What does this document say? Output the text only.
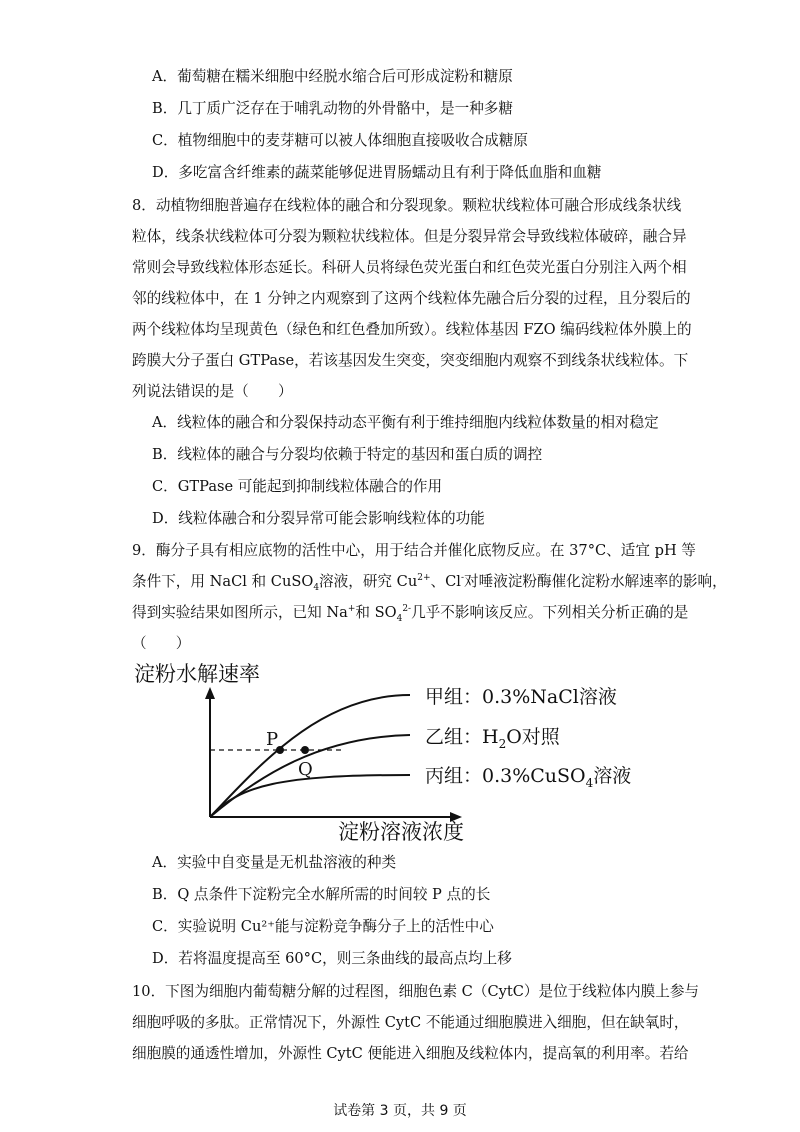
A．葡萄糖在糯米细胞中经脱水缩合后可形成淀粉和糖原
B．几丁质广泛存在于哺乳动物的外骨骼中，是一种多糖
C．植物细胞中的麦芽糖可以被人体细胞直接吸收合成糖原
D．多吃富含纤维素的蔬菜能够促进胃肠蠕动且有利于降低血脂和血糖
8．动植物细胞普遍存在线粒体的融合和分裂现象。颗粒状线粒体可融合形成线条状线
粒体，线条状线粒体可分裂为颗粒状线粒体。但是分裂异常会导致线粒体破碎，融合异
常则会导致线粒体形态延长。科研人员将绿色荧光蛋白和红色荧光蛋白分别注入两个相
邻的线粒体中，在 1 分钟之内观察到了这两个线粒体先融合后分裂的过程，且分裂后的
两个线粒体均呈现黄色（绿色和红色叠加所致）。线粒体基因 FZO 编码线粒体外膜上的
跨膜大分子蛋白 GTPase，若该基因发生突变，突变细胞内观察不到线条状线粒体。下
列说法错误的是（　　）
A．线粒体的融合和分裂保持动态平衡有利于维持细胞内线粒体数量的相对稳定
B．线粒体的融合与分裂均依赖于特定的基因和蛋白质的调控
C．GTPase 可能起到抑制线粒体融合的作用
D．线粒体融合和分裂异常可能会影响线粒体的功能
9．酶分子具有相应底物的活性中心，用于结合并催化底物反应。在 37°C、适宜 pH 等
条件下，用 NaCl 和 CuSO$_4$溶液，研究 $Cu^{2+}$、Cl-对唾液淀粉酶催化淀粉水解速率的影响，
得到实验结果如图所示，已知 Na+和 $SO_4^{2-}$几乎不影响该反应。下列相关分析正确的是
（　　）
淀粉水解速率
淀粉溶液浓度
P
Q
甲组：0.3%NaCl溶液
乙组：$H_2O$对照
丙组：0.3%CuSO$_4$溶液
A．实验中自变量是无机盐溶液的种类
B．Q 点条件下淀粉完全水解所需的时间较 P 点的长
C．实验说明 Cu²⁺能与淀粉竞争酶分子上的活性中心
D．若将温度提高至 60°C，则三条曲线的最高点均上移
10．下图为细胞内葡萄糖分解的过程图，细胞色素 C（CytC）是位于线粒体内膜上参与
细胞呼吸的多肽。正常情况下，外源性 CytC 不能通过细胞膜进入细胞，但在缺氧时，
细胞膜的通透性增加，外源性 CytC 便能进入细胞及线粒体内，提高氧的利用率。若给
试卷第 3 页，共 9 页
